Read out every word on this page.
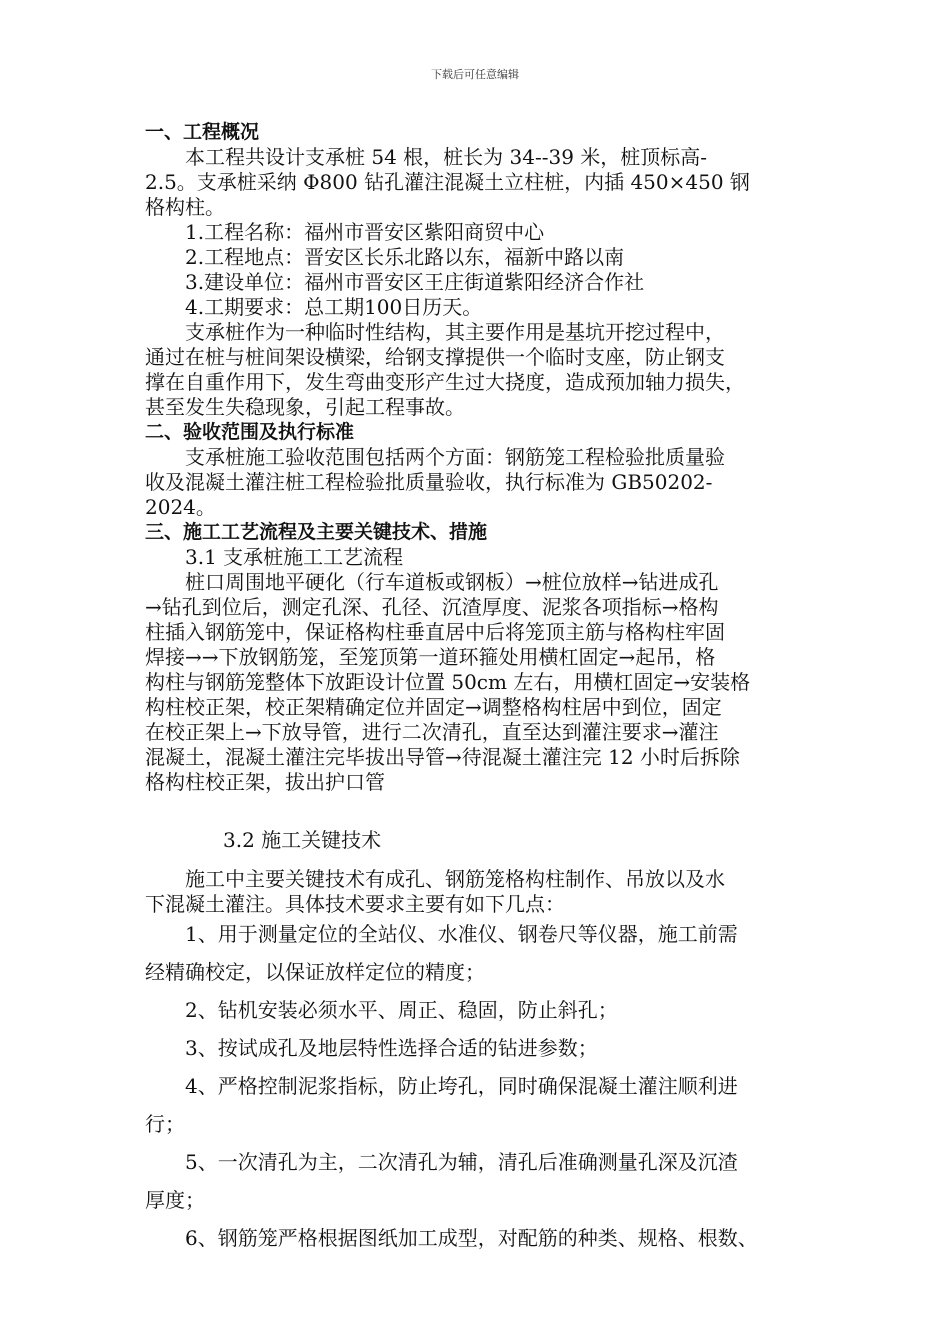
下载后可任意编辑
一、工程概况
本工程共设计支承桩 54 根，桩长为 34--39 米，桩顶标高-
2.5。支承桩采纳 Φ800 钻孔灌注混凝土立柱桩，内插 450×450 钢
格构柱。
1.工程名称：福州市晋安区紫阳商贸中心
2.工程地点：晋安区长乐北路以东，福新中路以南
3.建设单位：福州市晋安区王庄街道紫阳经济合作社
4.工期要求：总工期100日历天。
支承桩作为一种临时性结构，其主要作用是基坑开挖过程中，
通过在桩与桩间架设横梁，给钢支撑提供一个临时支座，防止钢支
撑在自重作用下，发生弯曲变形产生过大挠度，造成预加轴力损失，
甚至发生失稳现象，引起工程事故。
二、验收范围及执行标准
支承桩施工验收范围包括两个方面：钢筋笼工程检验批质量验
收及混凝土灌注桩工程检验批质量验收，执行标准为 GB50202-
2024。
三、施工工艺流程及主要关键技术、措施
3.1 支承桩施工工艺流程
桩口周围地平硬化（行车道板或钢板）→桩位放样→钻进成孔
→钻孔到位后，测定孔深、孔径、沉渣厚度、泥浆各项指标→格构
柱插入钢筋笼中，保证格构柱垂直居中后将笼顶主筋与格构柱牢固
焊接→→下放钢筋笼，至笼顶第一道环箍处用横杠固定→起吊，格
构柱与钢筋笼整体下放距设计位置 50cm 左右，用横杠固定→安装格
构柱校正架，校正架精确定位并固定→调整格构柱居中到位，固定
在校正架上→下放导管，进行二次清孔，直至达到灌注要求→灌注
混凝土，混凝土灌注完毕拔出导管→待混凝土灌注完 12 小时后拆除
格构柱校正架，拔出护口管
3.2 施工关键技术
施工中主要关键技术有成孔、钢筋笼格构柱制作、吊放以及水
下混凝土灌注。具体技术要求主要有如下几点：
1、用于测量定位的全站仪、水准仪、钢卷尺等仪器，施工前需
经精确校定，以保证放样定位的精度；
2、钻机安装必须水平、周正、稳固，防止斜孔；
3、按试成孔及地层特性选择合适的钻进参数；
4、严格控制泥浆指标，防止垮孔，同时确保混凝土灌注顺利进
行；
5、一次清孔为主，二次清孔为辅，清孔后准确测量孔深及沉渣
厚度；
6、钢筋笼严格根据图纸加工成型，对配筋的种类、规格、根数、
